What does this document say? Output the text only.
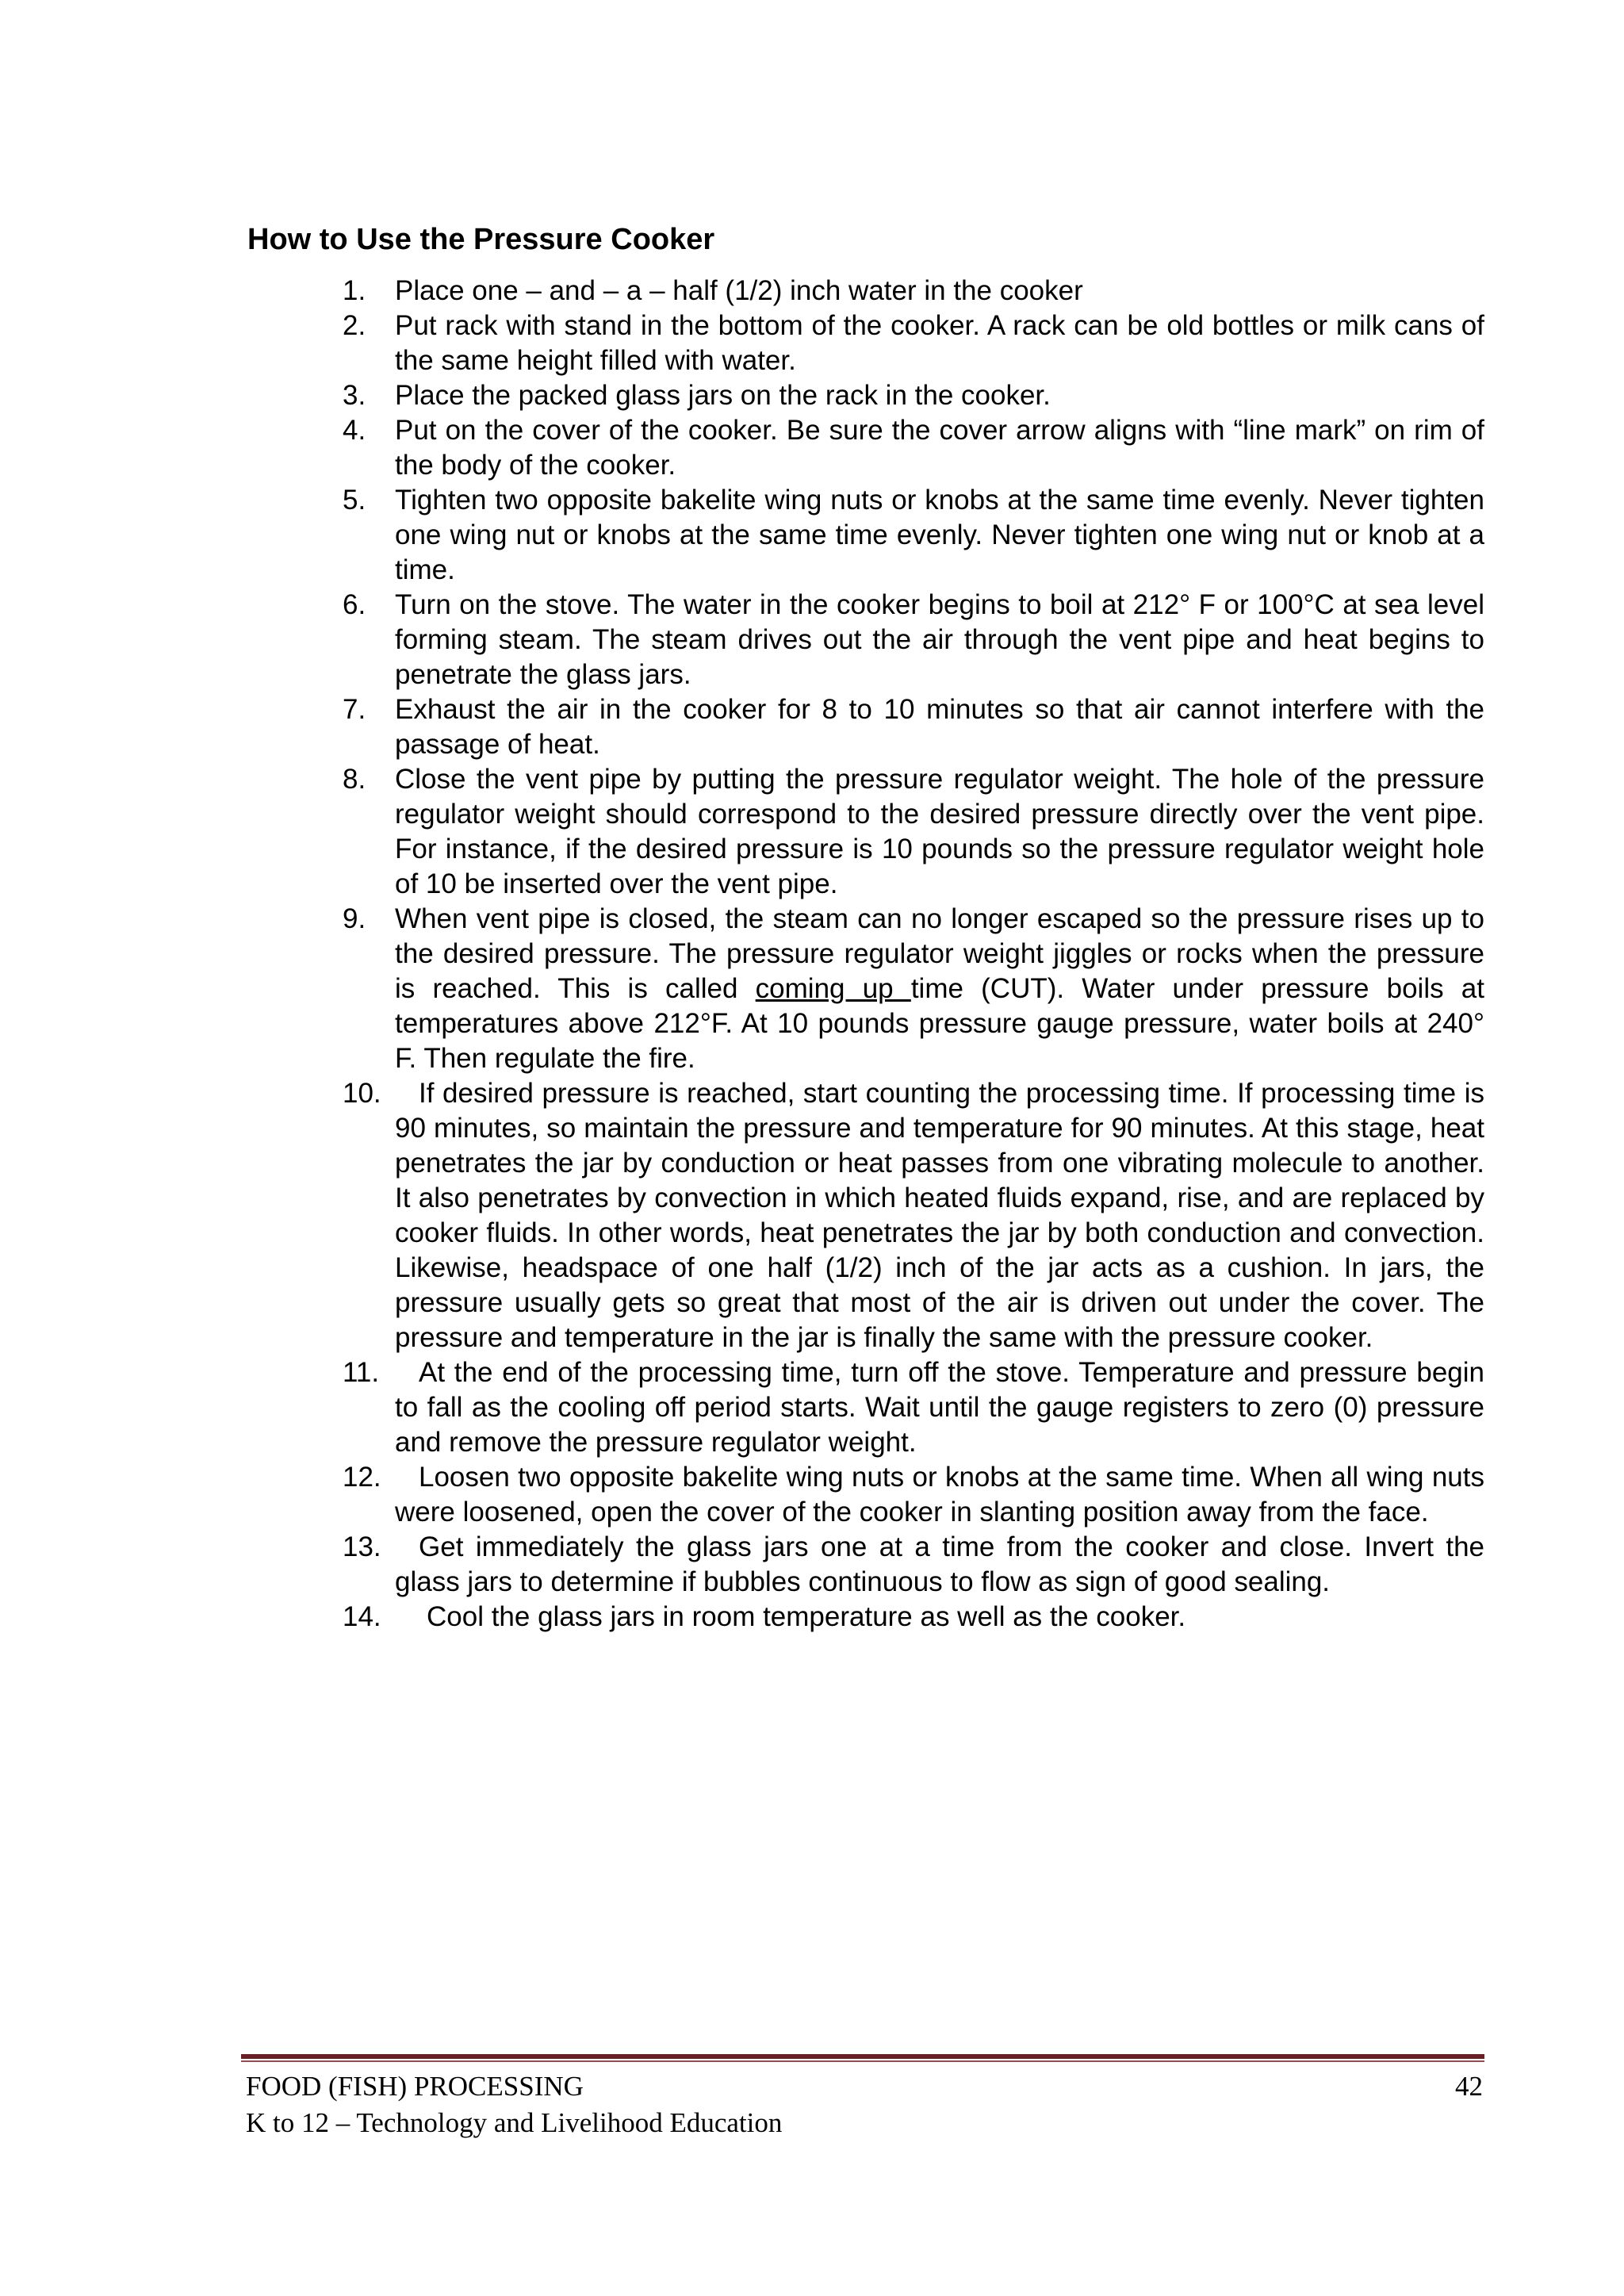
How to Use the Pressure Cooker
1. Place one – and – a – half (1/2) inch water in the cooker
2. Put rack with stand in the bottom of the cooker. A rack can be old bottles or milk cans of the same height filled with water.
3. Place the packed glass jars on the rack in the cooker.
4. Put on the cover of the cooker. Be sure the cover arrow aligns with “line mark” on rim of the body of the cooker.
5. Tighten two opposite bakelite wing nuts or knobs at the same time evenly. Never tighten one wing nut or knobs at the same time evenly. Never tighten one wing nut or knob at a time.
6. Turn on the stove. The water in the cooker begins to boil at 212° F or 100°C at sea level forming steam. The steam drives out the air through the vent pipe and heat begins to penetrate the glass jars.
7. Exhaust the air in the cooker for 8 to 10 minutes so that air cannot interfere with the passage of heat.
8. Close the vent pipe by putting the pressure regulator weight. The hole of the pressure regulator weight should correspond to the desired pressure directly over the vent pipe. For instance, if the desired pressure is 10 pounds so the pressure regulator weight hole of 10 be inserted over the vent pipe.
9. When vent pipe is closed, the steam can no longer escaped so the pressure rises up to the desired pressure. The pressure regulator weight jiggles or rocks when the pressure is reached. This is called coming up time (CUT). Water under pressure boils at temperatures above 212°F. At 10 pounds pressure gauge pressure, water boils at 240° F. Then regulate the fire.
10.	If desired pressure is reached, start counting the processing time. If processing time is 90 minutes, so maintain the pressure and temperature for 90 minutes. At this stage, heat penetrates the jar by conduction or heat passes from one vibrating molecule to another. It also penetrates by convection in which heated fluids expand, rise, and are replaced by cooker fluids. In other words, heat penetrates the jar by both conduction and convection. Likewise, headspace of one half (1/2) inch of the jar acts as a cushion. In jars, the pressure usually gets so great that most of the air is driven out under the cover. The pressure and temperature in the jar is finally the same with the pressure cooker.
11.	At the end of the processing time, turn off the stove. Temperature and pressure begin to fall as the cooling off period starts. Wait until the gauge registers to zero (0) pressure and remove the pressure regulator weight.
12.	Loosen two opposite bakelite wing nuts or knobs at the same time. When all wing nuts were loosened, open the cover of the cooker in slanting position away from the face.
13.	Get immediately the glass jars one at a time from the cooker and close. Invert the glass jars to determine if bubbles continuous to flow as sign of good sealing.
14.	Cool the glass jars in room temperature as well as the cooker.
FOOD (FISH) PROCESSING	42
K to 12 – Technology and Livelihood Education
